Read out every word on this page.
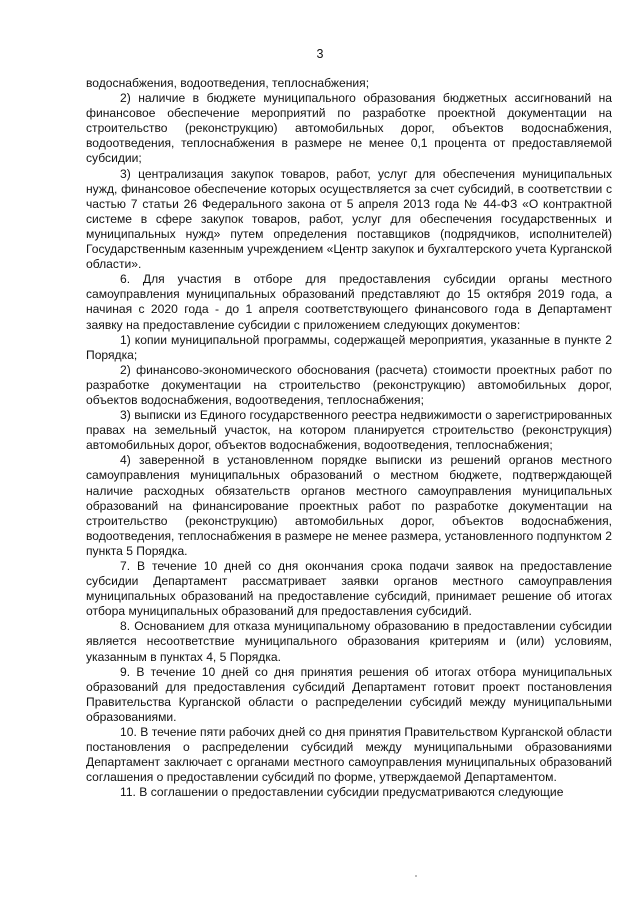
3

водоснабжения, водоотведения, теплоснабжения;

2) наличие в бюджете муниципального образования бюджетных ассигнований на финансовое обеспечение мероприятий по разработке проектной документации на строительство (реконструкцию) автомобильных дорог, объектов водоснабжения, водоотведения, теплоснабжения в размере не менее 0,1 процента от предоставляемой субсидии;

3) централизация закупок товаров, работ, услуг для обеспечения муниципальных нужд, финансовое обеспечение которых осуществляется за счет субсидий, в соответствии с частью 7 статьи 26 Федерального закона от 5 апреля 2013 года № 44-ФЗ «О контрактной системе в сфере закупок товаров, работ, услуг для обеспечения государственных и муниципальных нужд» путем определения поставщиков (подрядчиков, исполнителей) Государственным казенным учреждением «Центр закупок и бухгалтерского учета Курганской области».

6. Для участия в отборе для предоставления субсидии органы местного самоуправления муниципальных образований представляют до 15 октября 2019 года, а начиная с 2020 года - до 1 апреля соответствующего финансового года в Департамент заявку на предоставление субсидии с приложением следующих документов:

1) копии муниципальной программы, содержащей мероприятия, указанные в пункте 2 Порядка;

2) финансово-экономического обоснования (расчета) стоимости проектных работ по разработке документации на строительство (реконструкцию) автомобильных дорог, объектов водоснабжения, водоотведения, теплоснабжения;

3) выписки из Единого государственного реестра недвижимости о зарегистрированных правах на земельный участок, на котором планируется строительство (реконструкция) автомобильных дорог, объектов водоснабжения, водоотведения, теплоснабжения;

4) заверенной в установленном порядке выписки из решений органов местного самоуправления муниципальных образований о местном бюджете, подтверждающей наличие расходных обязательств органов местного самоуправления муниципальных образований на финансирование проектных работ по разработке документации на строительство (реконструкцию) автомобильных дорог, объектов водоснабжения, водоотведения, теплоснабжения в размере не менее размера, установленного подпунктом 2 пункта 5 Порядка.

7. В течение 10 дней со дня окончания срока подачи заявок на предоставление субсидии Департамент рассматривает заявки органов местного самоуправления муниципальных образований на предоставление субсидий, принимает решение об итогах отбора муниципальных образований для предоставления субсидий.

8. Основанием для отказа муниципальному образованию в предоставлении субсидии является несоответствие муниципального образования критериям и (или) условиям, указанным в пунктах 4, 5 Порядка.

9. В течение 10 дней со дня принятия решения об итогах отбора муниципальных образований для предоставления субсидий Департамент готовит проект постановления Правительства Курганской области о распределении субсидий между муниципальными образованиями.

10. В течение пяти рабочих дней со дня принятия Правительством Курганской области постановления о распределении субсидий между муниципальными образованиями Департамент заключает с органами местного самоуправления муниципальных образований соглашения о предоставлении субсидий по форме, утверждаемой Департаментом.

11. В соглашении о предоставлении субсидии предусматриваются следующие
